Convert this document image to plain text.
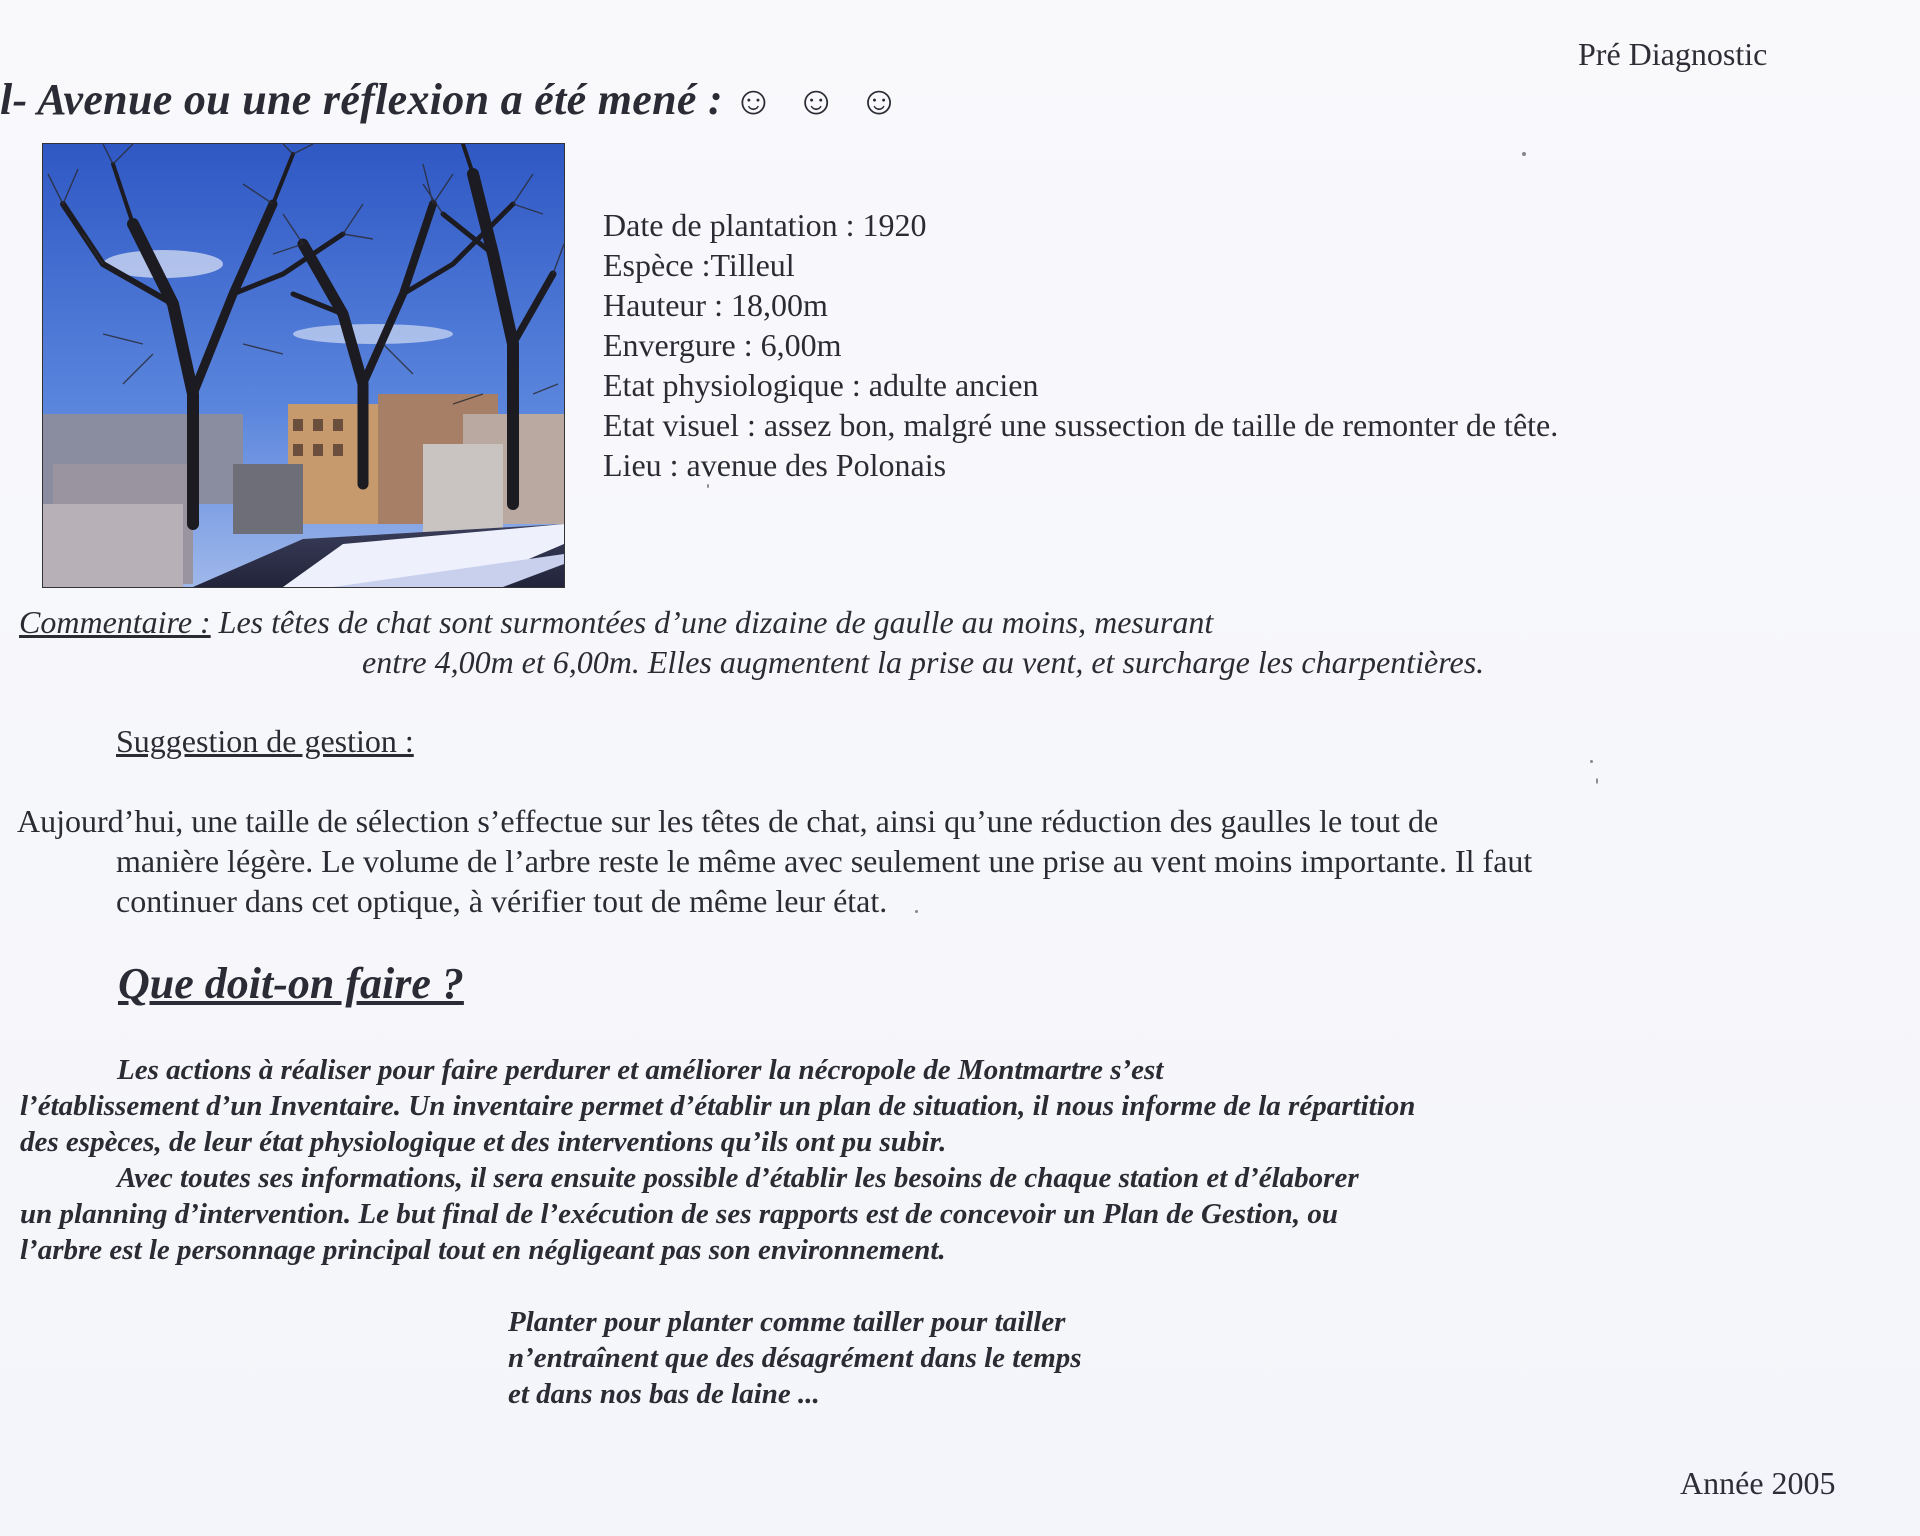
Pré Diagnostic
l- Avenue ou une réflexion a été mené : ☺ ☺ ☺
Date de plantation : 1920
Espèce :Tilleul
Hauteur : 18,00m
Envergure : 6,00m
Etat physiologique : adulte ancien
Etat visuel : assez bon, malgré une sussection de taille de remonter de tête.
Lieu : avenue des Polonais
Commentaire : Les têtes de chat sont surmontées d’une dizaine de gaulle au moins, mesurant
entre 4,00m et 6,00m. Elles augmentent la prise au vent, et surcharge les charpentières.
Suggestion de gestion :
Aujourd’hui, une taille de sélection s’effectue sur les têtes de chat, ainsi qu’une réduction des gaulles le tout de
manière légère. Le volume de l’arbre reste le même avec seulement une prise au vent moins importante. Il faut
continuer dans cet optique, à vérifier tout de même leur état.
Que doit-on faire ?
Les actions à réaliser pour faire perdurer et améliorer la nécropole de Montmartre s’est
l’établissement d’un Inventaire. Un inventaire permet d’établir un plan de situation, il nous informe de la répartition
des espèces, de leur état physiologique et des interventions qu’ils ont pu subir.
Avec toutes ses informations, il sera ensuite possible d’établir les besoins de chaque station et d’élaborer
un planning d’intervention. Le but final de l’exécution de ses rapports est de concevoir un Plan de Gestion, ou
l’arbre est le personnage principal tout en négligeant pas son environnement.
Planter pour planter comme tailler pour tailler
n’entraînent que des désagrément dans le temps
et dans nos bas de laine ...
Année 2005
